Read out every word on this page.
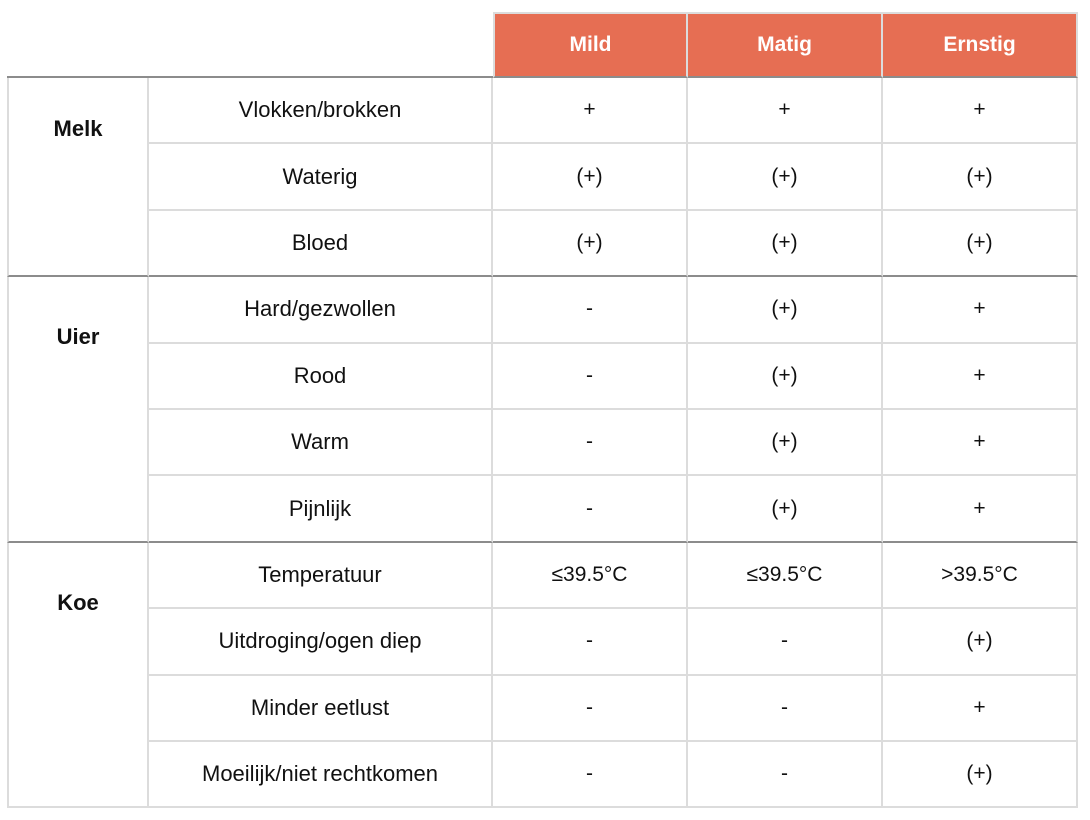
Mild	Matig	Ernstig
Melk
Vlokken/brokken	+	+	+
Waterig	(+)	(+)	(+)
Bloed	(+)	(+)	(+)
Uier
Hard/gezwollen	-	(+)	+
Rood	-	(+)	+
Warm	-	(+)	+
Pijnlijk	-	(+)	+
Koe
Temperatuur	≤39.5°C	≤39.5°C	>39.5°C
Uitdroging/ogen diep	-	-	(+)
Minder eetlust	-	-	+
Moeilijk/niet rechtkomen	-	-	(+)
